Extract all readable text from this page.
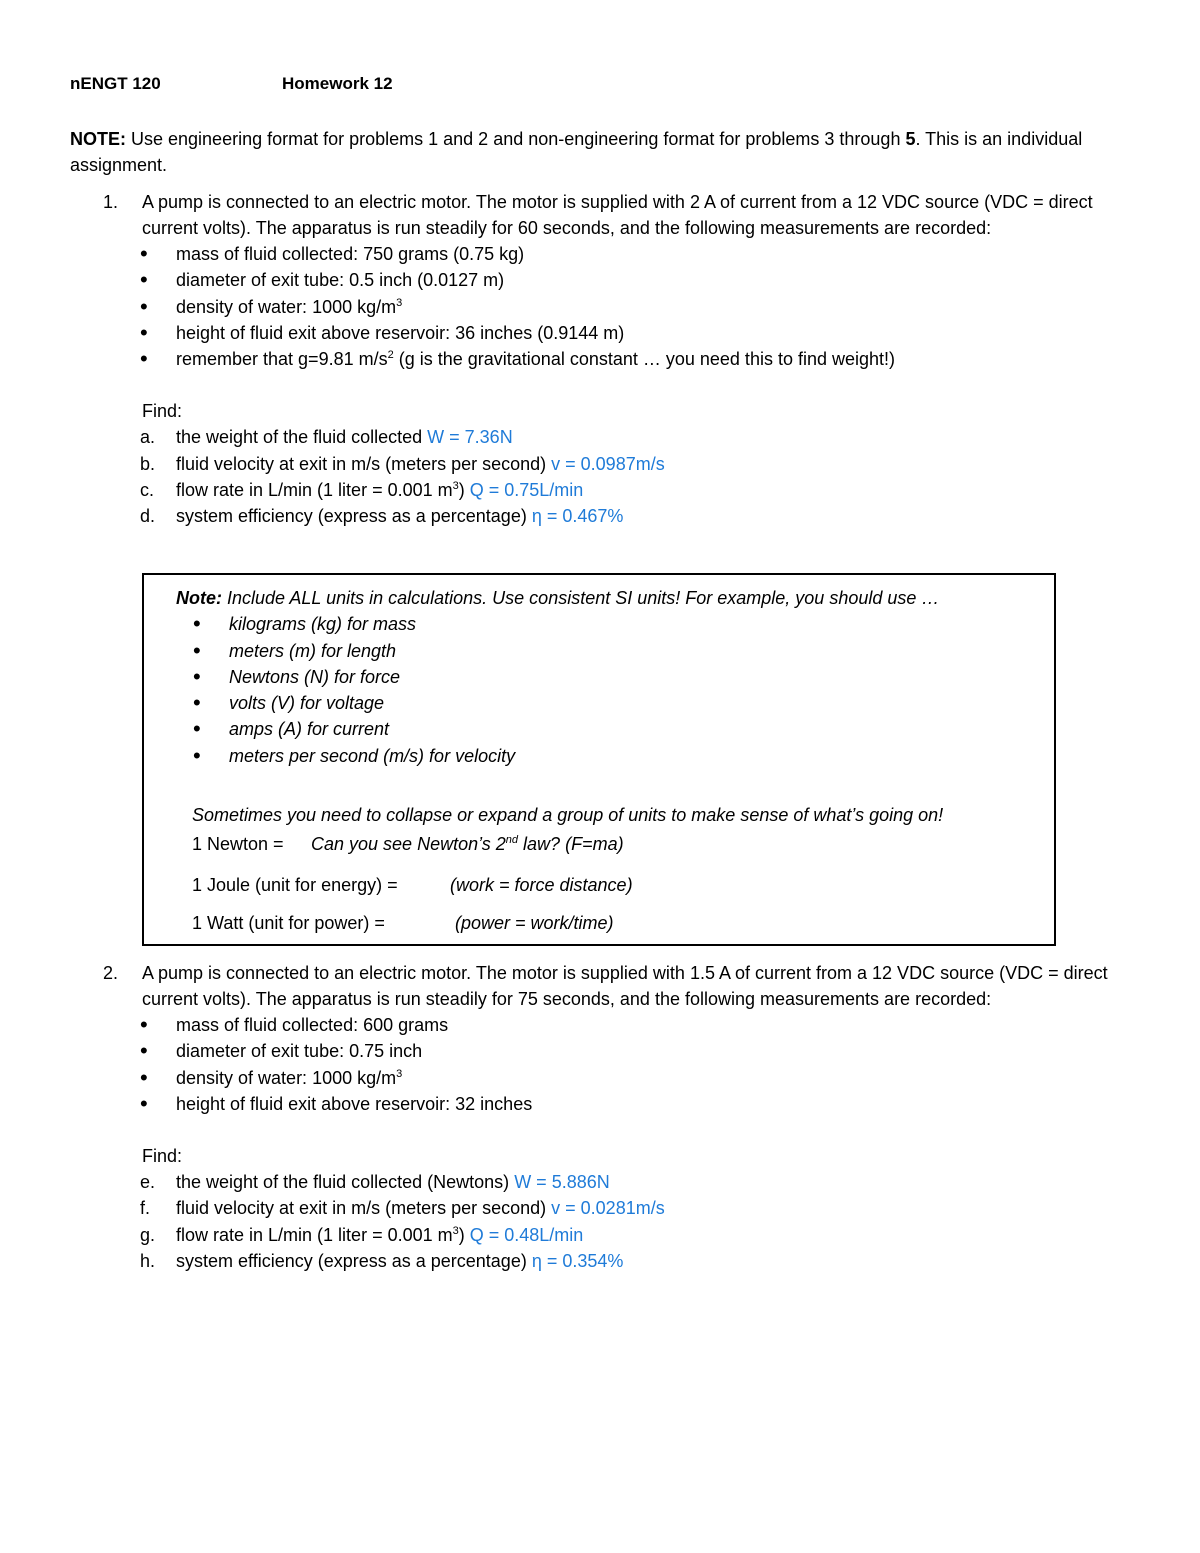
nENGT 120	Homework 12
NOTE: Use engineering format for problems 1 and 2 and non-engineering format for problems 3 through 5. This is an individual assignment.
1. A pump is connected to an electric motor. The motor is supplied with 2 A of current from a 12 VDC source (VDC = direct current volts). The apparatus is run steadily for 60 seconds, and the following measurements are recorded:
• mass of fluid collected: 750 grams (0.75 kg)
• diameter of exit tube: 0.5 inch (0.0127 m)
• density of water: 1000 $kg/m^3$
• height of fluid exit above reservoir: 36 inches (0.9144 m)
• remember that g=9.81 $m/s^2$ (g is the gravitational constant … you need this to find weight!)
Find:
a. the weight of the fluid collected W = 7.36N
b. fluid velocity at exit in m/s (meters per second) v = 0.0987m/s
c. flow rate in L/min (1 liter = 0.001 $m^3$) Q = 0.75L/min
d. system efficiency (express as a percentage) η = 0.467%
Note: Include ALL units in calculations. Use consistent SI units! For example, you should use …
• kilograms (kg) for mass
• meters (m) for length
• Newtons (N) for force
• volts (V) for voltage
• amps (A) for current
• meters per second (m/s) for velocity
Sometimes you need to collapse or expand a group of units to make sense of what’s going on!
1 Newton = Can you see Newton’s 2nd law? (F=ma)
1 Joule (unit for energy) =	(work = force distance)
1 Watt (unit for power) =	(power = work/time)
2. A pump is connected to an electric motor. The motor is supplied with 1.5 A of current from a 12 VDC source (VDC = direct current volts). The apparatus is run steadily for 75 seconds, and the following measurements are recorded:
• mass of fluid collected: 600 grams
• diameter of exit tube: 0.75 inch
• density of water: 1000 $kg/m^3$
• height of fluid exit above reservoir: 32 inches
Find:
e. the weight of the fluid collected (Newtons) W = 5.886N
f. fluid velocity at exit in m/s (meters per second) v = 0.0281m/s
g. flow rate in L/min (1 liter = 0.001 $m^3$) Q = 0.48L/min
h. system efficiency (express as a percentage) η = 0.354%
